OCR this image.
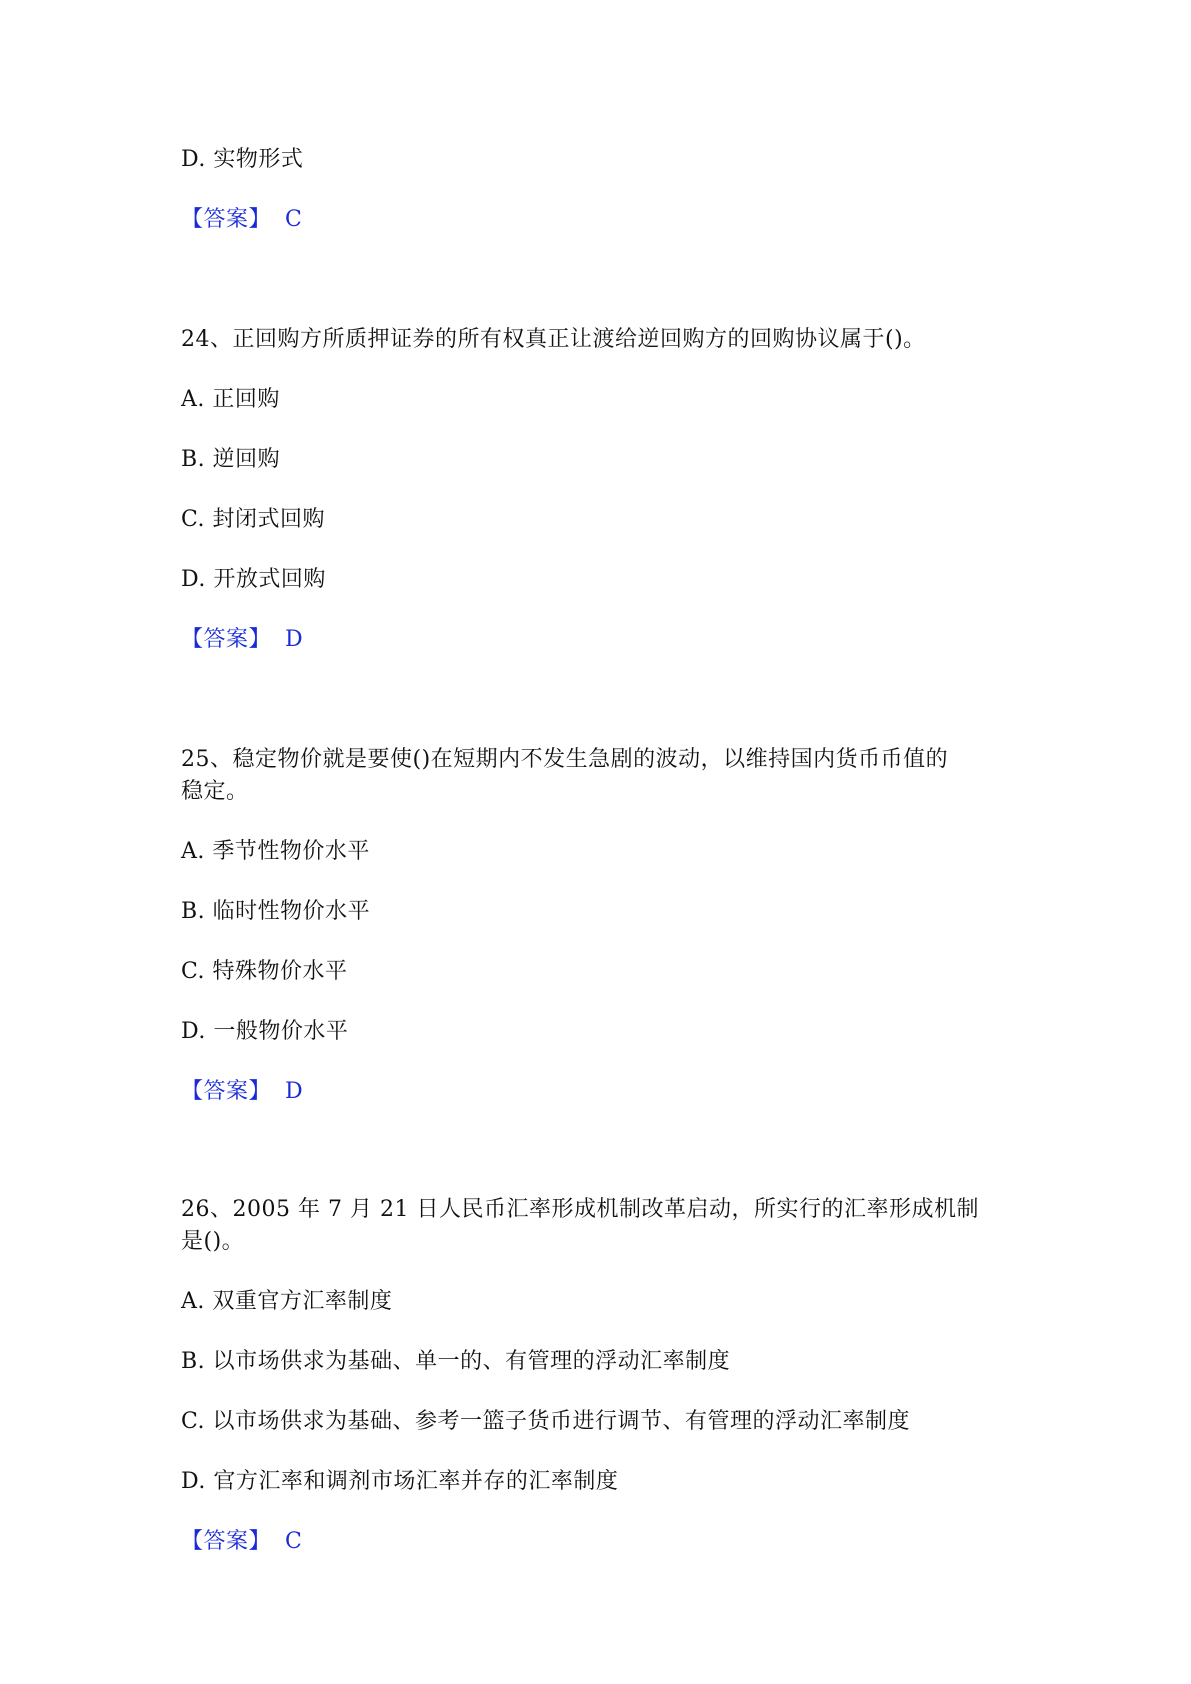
D. 实物形式
【答案】 C
24、正回购方所质押证券的所有权真正让渡给逆回购方的回购协议属于()。
A. 正回购
B. 逆回购
C. 封闭式回购
D. 开放式回购
【答案】 D
25、稳定物价就是要使()在短期内不发生急剧的波动，以维持国内货币币值的
稳定。
A. 季节性物价水平
B. 临时性物价水平
C. 特殊物价水平
D. 一般物价水平
【答案】 D
26、2005 年 7 月 21 日人民币汇率形成机制改革启动，所实行的汇率形成机制
是()。
A. 双重官方汇率制度
B. 以市场供求为基础、单一的、有管理的浮动汇率制度
C. 以市场供求为基础、参考一篮子货币进行调节、有管理的浮动汇率制度
D. 官方汇率和调剂市场汇率并存的汇率制度
【答案】 C
